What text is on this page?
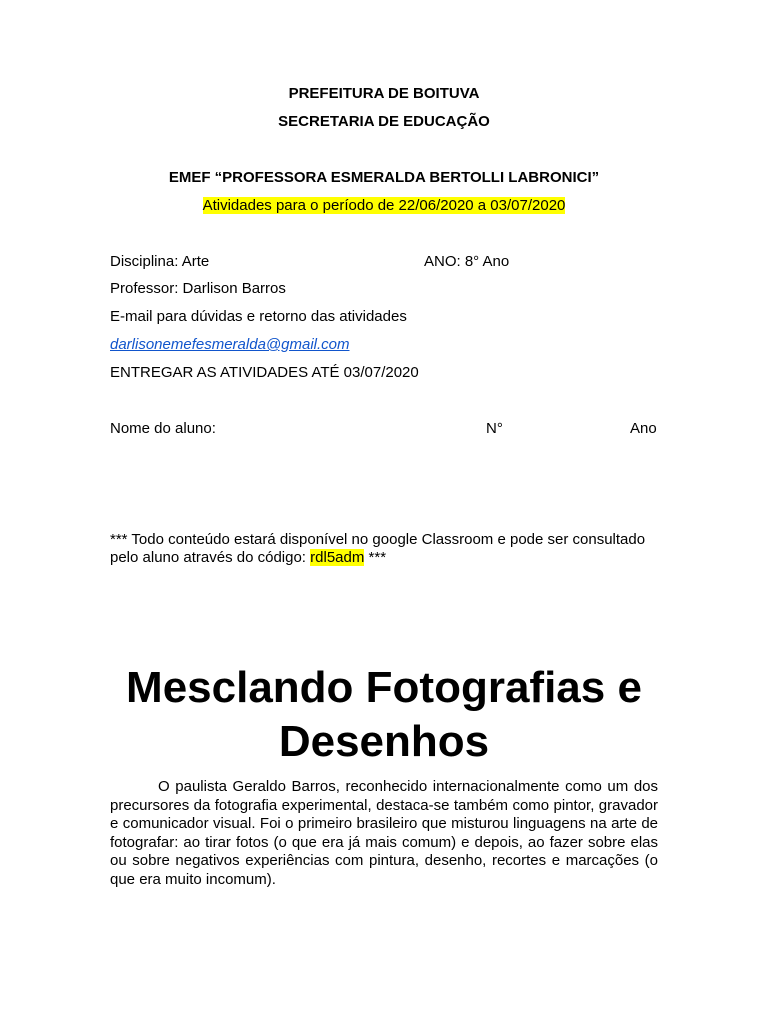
PREFEITURA DE BOITUVA
SECRETARIA DE EDUCAÇÃO
EMEF “PROFESSORA ESMERALDA BERTOLLI LABRONICI”
Atividades para o período de 22/06/2020 a 03/07/2020
Disciplina: Arte	ANO: 8° Ano
Professor: Darlison Barros
E-mail para dúvidas e retorno das atividades
darlisonemefesmeralda@gmail.com
ENTREGAR AS ATIVIDADES ATÉ 03/07/2020
Nome do aluno:	N°	Ano
*** Todo conteúdo estará disponível no google Classroom e pode ser consultado pelo aluno através do código: rdl5adm ***
Mesclando Fotografias e
Desenhos
O paulista Geraldo Barros, reconhecido internacionalmente como um dos precursores da fotografia experimental, destaca-se também como pintor, gravador e comunicador visual. Foi o primeiro brasileiro que misturou linguagens na arte de fotografar: ao tirar fotos (o que era já mais comum) e depois, ao fazer sobre elas ou sobre negativos experiências com pintura, desenho, recortes e marcações (o que era muito incomum).
